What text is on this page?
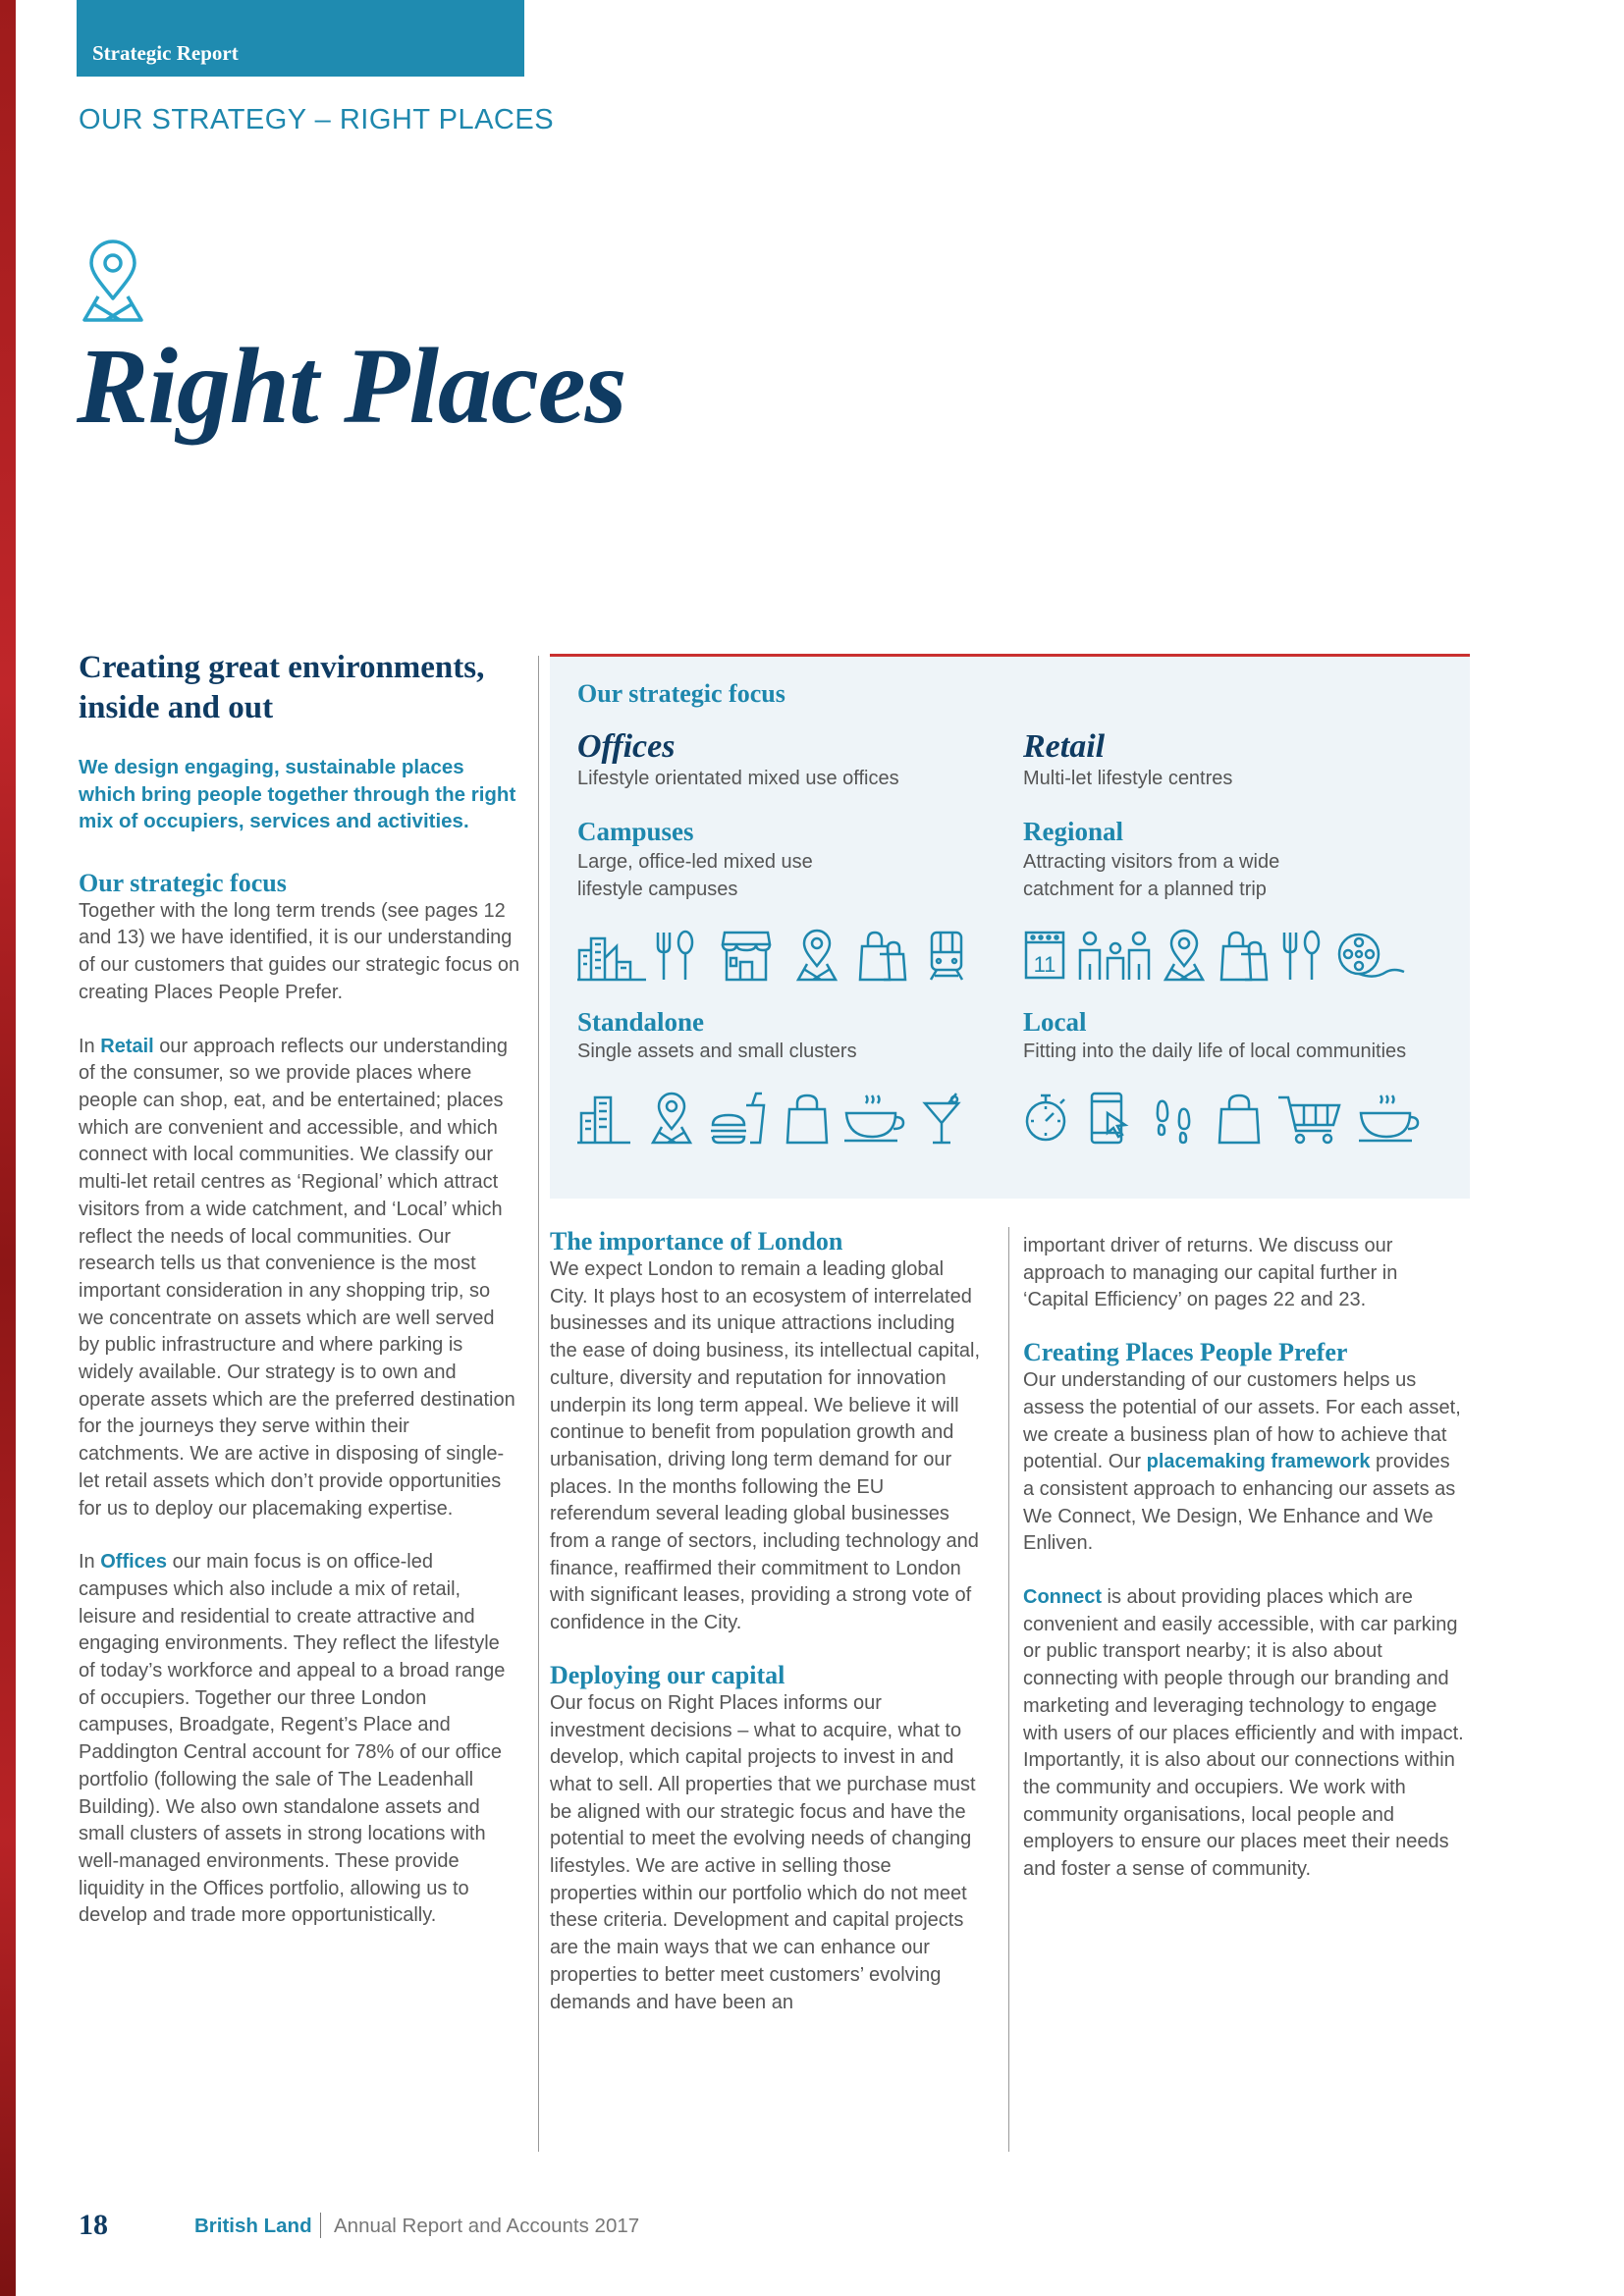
Strategic Report
OUR STRATEGY – RIGHT PLACES
Right Places
Creating great environments, inside and out

We design engaging, sustainable places which bring people together through the right mix of occupiers, services and activities.

Our strategic focus

Together with the long term trends (see pages 12 and 13) we have identified, it is our understanding of our customers that guides our strategic focus on creating Places People Prefer.

In Retail our approach reflects our understanding of the consumer, so we provide places where people can shop, eat, and be entertained; places which are convenient and accessible, and which connect with local communities. We classify our multi-let retail centres as ‘Regional’ which attract visitors from a wide catchment, and ‘Local’ which reflect the needs of local communities. Our research tells us that convenience is the most important consideration in any shopping trip, so we concentrate on assets which are well served by public infrastructure and where parking is widely available. Our strategy is to own and operate assets which are the preferred destination for the journeys they serve within their catchments. We are active in disposing of single-let retail assets which don’t provide opportunities for us to deploy our placemaking expertise.

In Offices our main focus is on office-led campuses which also include a mix of retail, leisure and residential to create attractive and engaging environments. They reflect the lifestyle of today’s workforce and appeal to a broad range of occupiers. Together our three London campuses, Broadgate, Regent’s Place and Paddington Central account for 78% of our office portfolio (following the sale of The Leadenhall Building). We also own standalone assets and small clusters of assets in strong locations with well-managed environments. These provide liquidity in the Offices portfolio, allowing us to develop and trade more opportunistically.

Our strategic focus
Offices
Lifestyle orientated mixed use offices
Retail
Multi-let lifestyle centres
Campuses
Large, office-led mixed use lifestyle campuses
Regional
Attracting visitors from a wide catchment for a planned trip
11
Standalone
Single assets and small clusters
Local
Fitting into the daily life of local communities
The importance of London

We expect London to remain a leading global City. It plays host to an ecosystem of interrelated businesses and its unique attractions including the ease of doing business, its intellectual capital, culture, diversity and reputation for innovation underpin its long term appeal. We believe it will continue to benefit from population growth and urbanisation, driving long term demand for our places. In the months following the EU referendum several leading global businesses from a range of sectors, including technology and finance, reaffirmed their commitment to London with significant leases, providing a strong vote of confidence in the City.

Deploying our capital

Our focus on Right Places informs our investment decisions – what to acquire, what to develop, which capital projects to invest in and what to sell. All properties that we purchase must be aligned with our strategic focus and have the potential to meet the evolving needs of changing lifestyles. We are active in selling those properties within our portfolio which do not meet these criteria. Development and capital projects are the main ways that we can enhance our properties to better meet customers’ evolving demands and have been an

important driver of returns. We discuss our approach to managing our capital further in ‘Capital Efficiency’ on pages 22 and 23.

Creating Places People Prefer

Our understanding of our customers helps us assess the potential of our assets. For each asset, we create a business plan of how to achieve that potential. Our placemaking framework provides a consistent approach to enhancing our assets as We Connect, We Design, We Enhance and We Enliven.

Connect is about providing places which are convenient and easily accessible, with car parking or public transport nearby; it is also about connecting with people through our branding and marketing and leveraging technology to engage with users of our places efficiently and with impact. Importantly, it is also about our connections within the community and occupiers. We work with community organisations, local people and employers to ensure our places meet their needs and foster a sense of community.

18	British Land Annual Report and Accounts 2017
